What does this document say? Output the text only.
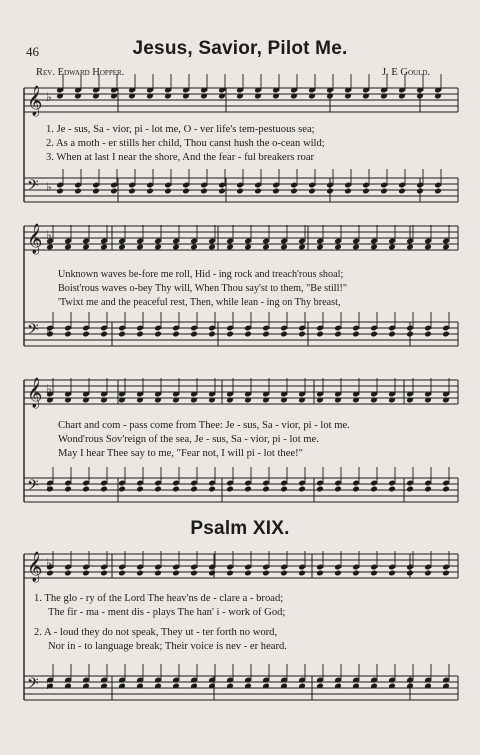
46	Jesus, Savior, Pilot Me.
Rev. Edward Hopper.	J. E Gould.
1. Je - sus, Sa - vior, pi - lot me, O - ver life's tem-pestuous sea;
2. As a moth - er stills her child, Thou canst hush the o-cean wild;
3. When at last I near the shore, And the fear - ful breakers roar
Unknown waves be-fore me roll, Hid - ing rock and treach'rous shoal;
Boist'rous waves o-bey Thy will, When Thou say'st to them, "Be still!"
'Twixt me and the peaceful rest, Then, while lean - ing on Thy breast,
Chart and com - pass come from Thee: Je - sus, Sa - vior, pi - lot me.
Wond'rous Sov'reign of the sea, Je - sus, Sa - vior, pi - lot me.
May I hear Thee say to me, "Fear not, I will pi - lot thee!"
Psalm XIX.
1. The glo - ry of the Lord The heav'ns de - clare a - broad;
The fir - ma - ment dis - plays The han' i - work of God;
2. A - loud they do not speak, They ut - ter forth no word,
Nor in - to language break; Their voice is nev - er heard.
𝄞 ♭
𝄢 ♭
𝄞 ♭
𝄢 ♭
𝄞 ♭
𝄢 ♭
𝄞 ♭
𝄢 ♭
